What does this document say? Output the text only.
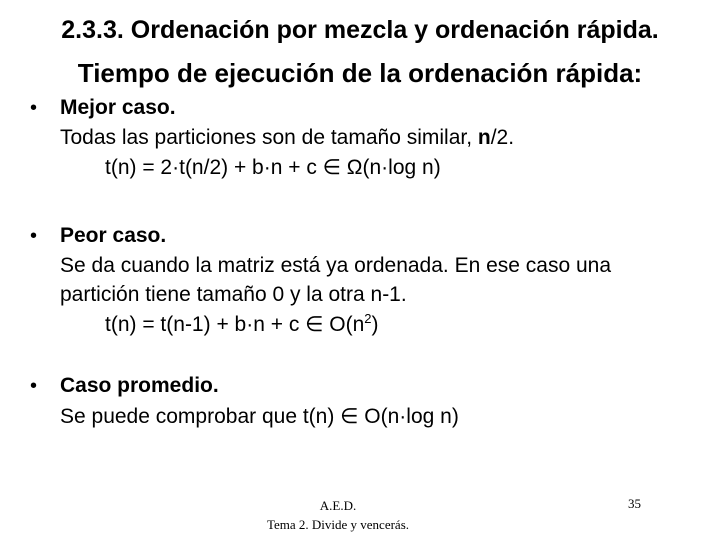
2.3.3. Ordenación por mezcla y ordenación rápida.
Tiempo de ejecución de la ordenación rápida:
•	Mejor caso.
Todas las particiones son de tamaño similar, n/2.
t(n) = 2·t(n/2) + b·n + c ∈ Ω(n·log n)
•	Peor caso.
Se da cuando la matriz está ya ordenada. En ese caso una
partición tiene tamaño 0 y la otra n-1.
t(n) = t(n-1) + b·n + c ∈ $O(n^2)$
•	Caso promedio.
Se puede comprobar que t(n) ∈ O(n·log n)
A.E.D.
Tema 2. Divide y vencerás.
35
